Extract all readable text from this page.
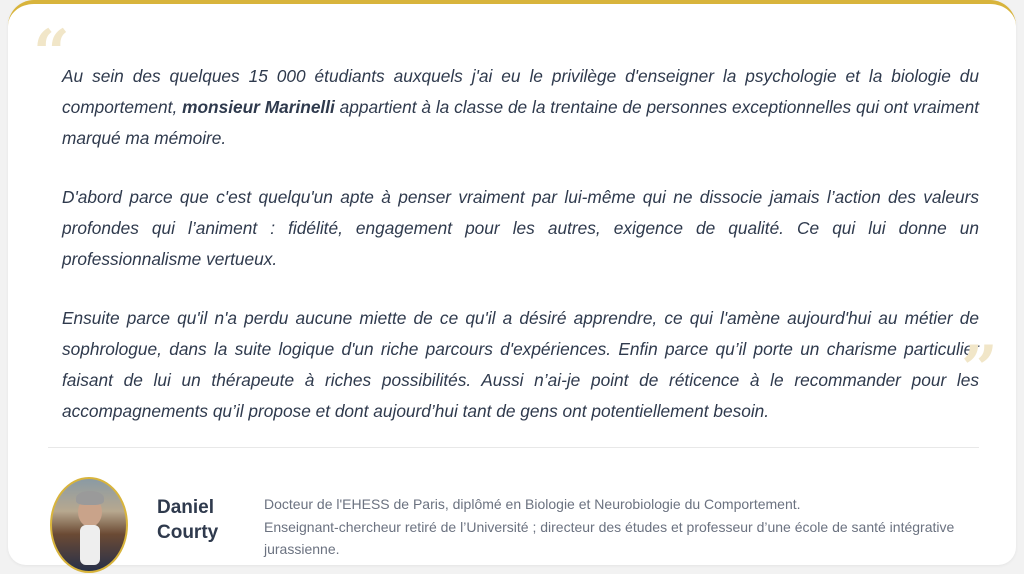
“

Au sein des quelques 15 000 étudiants auxquels j'ai eu le privilège d'enseigner la psychologie et la biologie du comportement, monsieur Marinelli appartient à la classe de la trentaine de personnes exceptionnelles qui ont vraiment marqué ma mémoire.

D'abord parce que c'est quelqu'un apte à penser vraiment par lui-même qui ne dissocie jamais l’action des valeurs profondes qui l’animent : fidélité, engagement pour les autres, exigence de qualité. Ce qui lui donne un professionnalisme vertueux.

Ensuite parce qu'il n'a perdu aucune miette de ce qu'il a désiré apprendre, ce qui l'amène aujourd'hui au métier de sophrologue, dans la suite logique d'un riche parcours d'expériences. Enfin parce qu’il porte un charisme particulier faisant de lui un thérapeute à riches possibilités. Aussi n’ai-je point de réticence à le recommander pour les accompagnements qu’il propose et dont aujourd’hui tant de gens ont potentiellement besoin.

”
Daniel
Courty
Docteur de l'EHESS de Paris, diplômé en Biologie et Neurobiologie du Comportement.
Enseignant-chercheur retiré de l’Université ; directeur des études et professeur d’une école de santé intégrative jurassienne.
